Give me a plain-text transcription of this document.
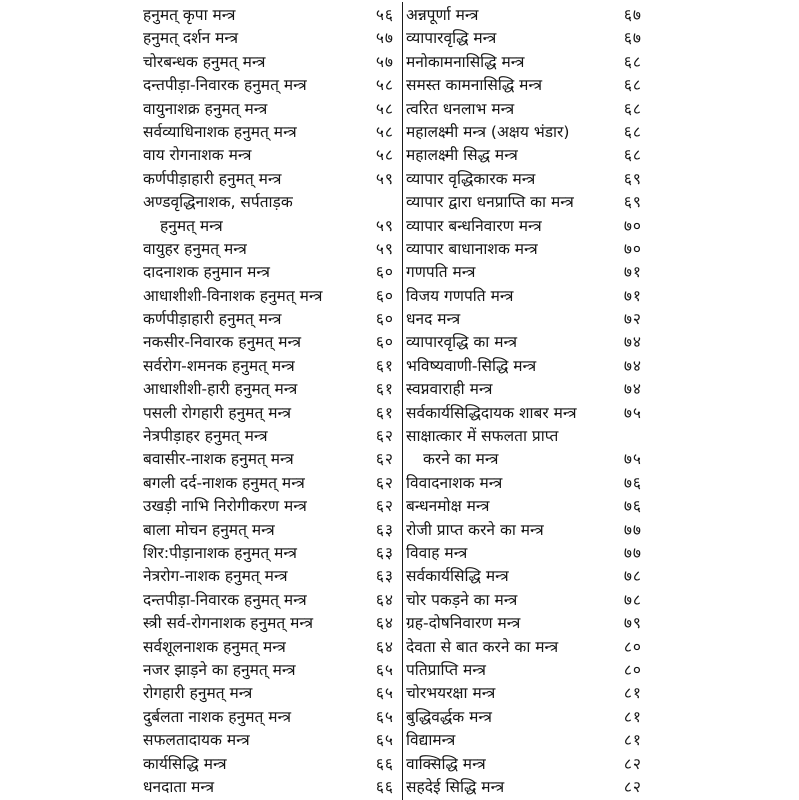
हनुमत् कृपा मन्त्र	५६
हनुमत् दर्शन मन्त्र	५७
चोरबन्धक हनुमत् मन्त्र	५७
दन्तपीड़ा-निवारक हनुमत् मन्त्र	५८
वायुनाशक्र हनुमत् मन्त्र	५८
सर्वव्याधिनाशक हनुमत् मन्त्र	५८
वाय रोगनाशक मन्त्र	५८
कर्णपीड़ाहारी हनुमत् मन्त्र	५९
अण्डवृद्धिनाशक, सर्पताड़क
हनुमत् मन्त्र	५९
वायुहर हनुमत् मन्त्र	५९
दादनाशक हनुमान मन्त्र	६०
आधाशीशी-विनाशक हनुमत् मन्त्र	६०
कर्णपीड़ाहारी हनुमत् मन्त्र	६०
नकसीर-निवारक हनुमत् मन्त्र	६०
सर्वरोग-शमनक हनुमत् मन्त्र	६१
आधाशीशी-हारी हनुमत् मन्त्र	६१
पसली रोगहारी हनुमत् मन्त्र	६१
नेत्रपीड़ाहर हनुमत् मन्त्र	६२
बवासीर-नाशक हनुमत् मन्त्र	६२
बगली दर्द-नाशक हनुमत् मन्त्र	६२
उखड़ी नाभि निरोगीकरण मन्त्र	६२
बाला मोचन हनुमत् मन्त्र	६३
शिर:पीड़ानाशक हनुमत् मन्त्र	६३
नेत्ररोग-नाशक हनुमत् मन्त्र	६३
दन्तपीड़ा-निवारक हनुमत् मन्त्र	६४
स्त्री सर्व-रोगनाशक हनुमत् मन्त्र	६४
सर्वशूलनाशक हनुमत् मन्त्र	६४
नजर झाड़ने का हनुमत् मन्त्र	६५
रोगहारी हनुमत् मन्त्र	६५
दुर्बलता नाशक हनुमत् मन्त्र	६५
सफलतादायक मन्त्र	६५
कार्यसिद्धि मन्त्र	६६
धनदाता मन्त्र	६६
अन्नपूर्णा मन्त्र	६७
व्यापारवृद्धि मन्त्र	६७
मनोकामनासिद्धि मन्त्र	६८
समस्त कामनासिद्धि मन्त्र	६८
त्वरित धनलाभ मन्त्र	६८
महालक्ष्मी मन्त्र (अक्षय भंडार)	६८
महालक्ष्मी सिद्ध मन्त्र	६८
व्यापार वृद्धिकारक मन्त्र	६९
व्यापार द्वारा धनप्राप्ति का मन्त्र	६९
व्यापार बन्धनिवारण मन्त्र	७०
व्यापार बाधानाशक मन्त्र	७०
गणपति मन्त्र	७१
विजय गणपति मन्त्र	७१
धनद मन्त्र	७२
व्यापारवृद्धि का मन्त्र	७४
भविष्यवाणी-सिद्धि मन्त्र	७४
स्वप्नवाराही मन्त्र	७४
सर्वकार्यसिद्धिदायक शाबर मन्त्र	७५
साक्षात्कार में सफलता प्राप्त
करने का मन्त्र	७५
विवादनाशक मन्त्र	७६
बन्धनमोक्ष मन्त्र	७६
रोजी प्राप्त करने का मन्त्र	७७
विवाह मन्त्र	७७
सर्वकार्यसिद्धि मन्त्र	७८
चोर पकड़ने का मन्त्र	७८
ग्रह-दोषनिवारण मन्त्र	७९
देवता से बात करने का मन्त्र	८०
पतिप्राप्ति मन्त्र	८०
चोरभयरक्षा मन्त्र	८१
बुद्धिवर्द्धक मन्त्र	८१
विद्यामन्त्र	८१
वाक्सिद्धि मन्त्र	८२
सहदेई सिद्धि मन्त्र	८२
